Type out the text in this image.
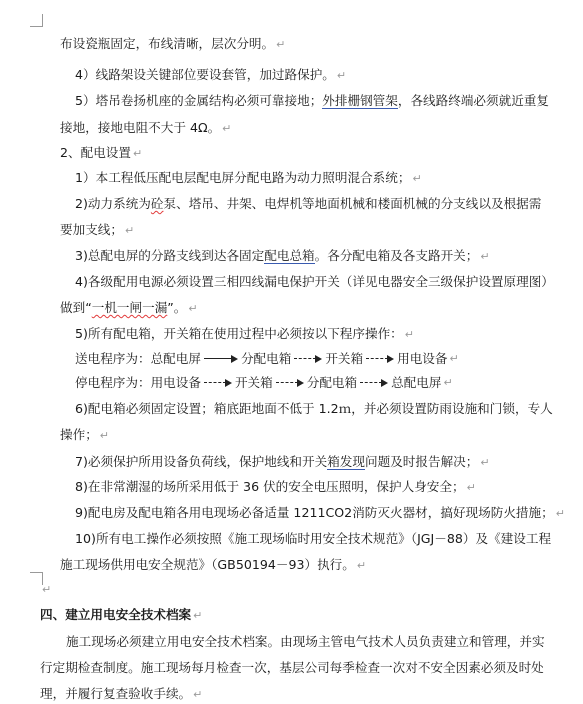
布设瓷瓶固定，布线清晰，层次分明。 ↵
4）线路架设关键部位要设套管，加过路保护。 ↵
5）塔吊卷扬机座的金属结构必须可靠接地；外排栅钢管架，各线路终端必须就近重复
接地，接地电阻不大于 4Ω。 ↵
2、配电设置 ↵
1）本工程低压配电层配电屏分配电路为动力照明混合系统； ↵
2)动力系统为砼泵、塔吊、井架、电焊机等地面机械和楼面机械的分支线以及根据需
要加支线； ↵
3)总配电屏的分路支线到达各固定配电总箱。各分配电箱及各支路开关； ↵
4)各级配用电源必须设置三相四线漏电保护开关（详见电器安全三级保护设置原理图）
做到“一机一闸一漏”。 ↵
5)所有配电箱，开关箱在使用过程中必须按以下程序操作： ↵
送电程序为： 总配电屏	分配电箱	开关箱	用电设备 ↵
停电程序为： 用电设备	开关箱	分配电箱	总配电屏 ↵
6)配电箱必须固定设置；箱底距地面不低于 1.2ｍ，并必须设置防雨设施和门锁，专人
操作； ↵
7)必须保护所用设备负荷线，保护地线和开关箱发现问题及时报告解决； ↵
8)在非常潮湿的场所采用低于 36 伏的安全电压照明，保护人身安全； ↵
9)配电房及配电箱各用电现场必备适量 1211CO2消防灭火器材，搞好现场防火措施； ↵
10)所有电工操作必须按照《施工现场临时用安全技术规范》（JGJ－88）及《建设工程
施工现场供用电安全规范》（GB50194－93）执行。 ↵
↵
四、建立用电安全技术档案 ↵
施工现场必须建立用电安全技术档案。由现场主管电气技术人员负责建立和管理，并实
行定期检查制度。施工现场每月检查一次，基层公司每季检查一次对不安全因素必须及时处
理，并履行复查验收手续。 ↵
